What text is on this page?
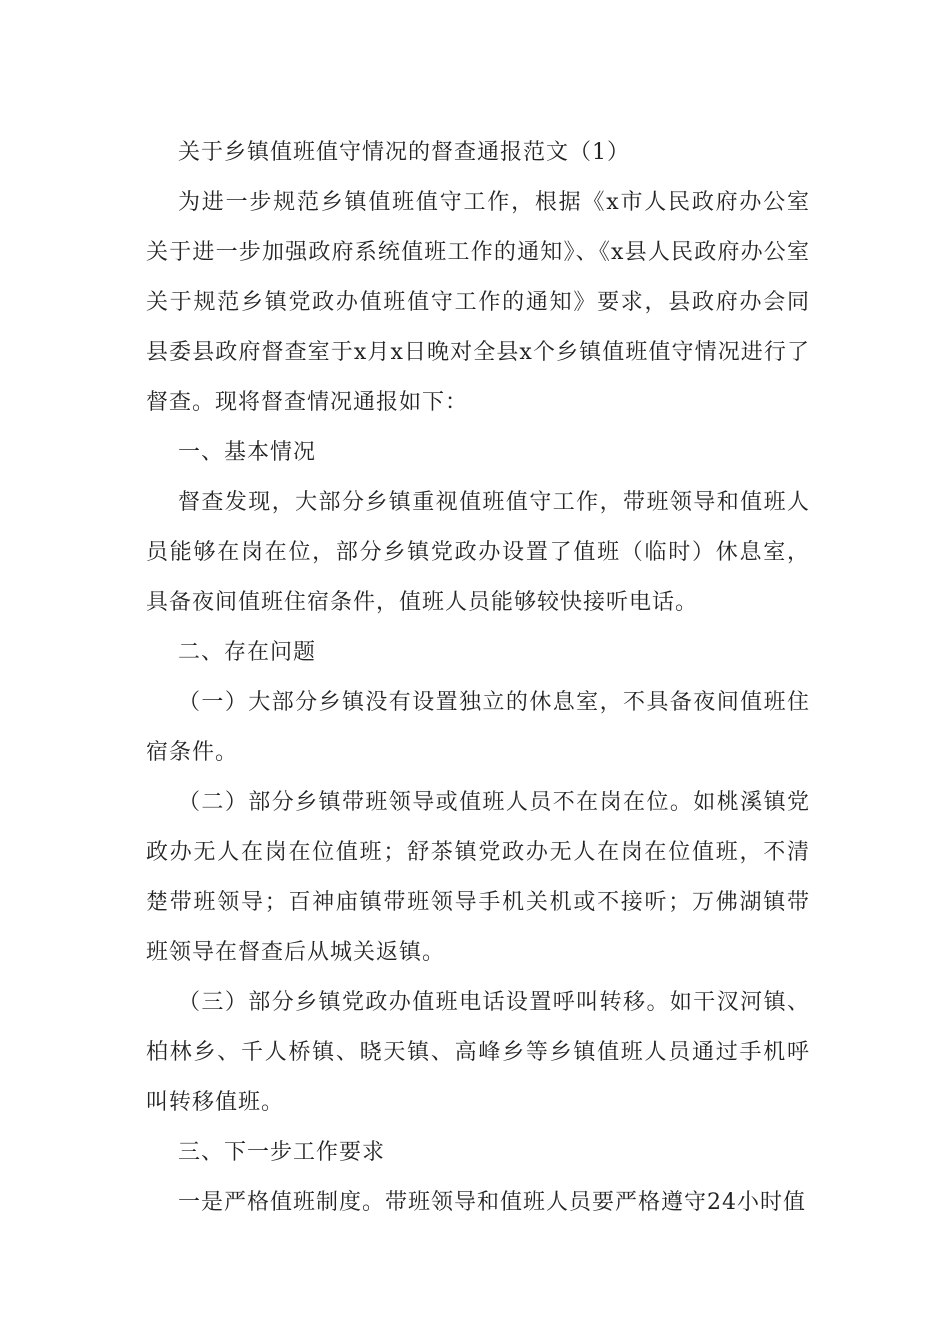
关于乡镇值班值守情况的督查通报范文（1）

为进一步规范乡镇值班值守工作，根据《x市人民政府办公室关于进一步加强政府系统值班工作的通知》、《x县人民政府办公室关于规范乡镇党政办值班值守工作的通知》要求，县政府办会同县委县政府督查室于x月x日晚对全县x个乡镇值班值守情况进行了督查。现将督查情况通报如下：

一、基本情况

督查发现，大部分乡镇重视值班值守工作，带班领导和值班人员能够在岗在位，部分乡镇党政办设置了值班（临时）休息室，具备夜间值班住宿条件，值班人员能够较快接听电话。

二、存在问题

（一）大部分乡镇没有设置独立的休息室，不具备夜间值班住宿条件。

（二）部分乡镇带班领导或值班人员不在岗在位。如桃溪镇党政办无人在岗在位值班；舒茶镇党政办无人在岗在位值班，不清楚带班领导；百神庙镇带班领导手机关机或不接听；万佛湖镇带班领导在督查后从城关返镇。

（三）部分乡镇党政办值班电话设置呼叫转移。如干汊河镇、柏林乡、千人桥镇、晓天镇、高峰乡等乡镇值班人员通过手机呼叫转移值班。

三、下一步工作要求

一是严格值班制度。带班领导和值班人员要严格遵守24小时值
